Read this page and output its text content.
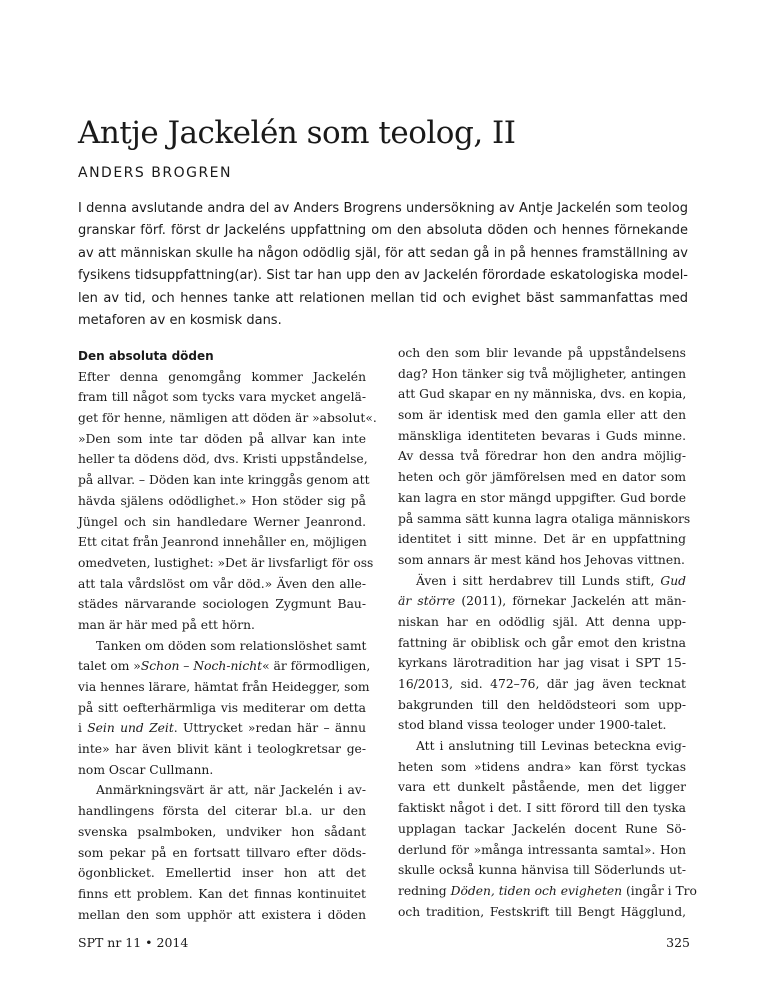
Antje Jackelén som teolog, II
ANDERS BROGREN
I denna avslutande andra del av Anders Brogrens undersökning av Antje Jackelén som teolog
granskar förf. först dr Jackeléns uppfattning om den absoluta döden och hennes förnekande
av att människan skulle ha någon odödlig själ, för att sedan gå in på hennes framställning av
fysikens tidsuppfattning(ar). Sist tar han upp den av Jackelén förordade eskatologiska model-
len av tid, och hennes tanke att relationen mellan tid och evighet bäst sammanfattas med
metaforen av en kosmisk dans.
Den absoluta döden
Efter denna genomgång kommer Jackelén
fram till något som tycks vara mycket angelä-
get för henne, nämligen att döden är »absolut«.
»Den som inte tar döden på allvar kan inte
heller ta dödens död, dvs. Kristi uppståndelse,
på allvar. – Döden kan inte kringgås genom att
hävda själens odödlighet.» Hon stöder sig på
Jüngel och sin handledare Werner Jeanrond.
Ett citat från Jeanrond innehåller en, möjligen
omedveten, lustighet: »Det är livsfarligt för oss
att tala vårdslöst om vår död.» Även den alle-
städes närvarande sociologen Zygmunt Bau-
man är här med på ett hörn.
Tanken om döden som relationslöshet samt
talet om »Schon – Noch-nicht« är förmodligen,
via hennes lärare, hämtat från Heidegger, som
på sitt oefterhärmliga vis mediterar om detta
i Sein und Zeit. Uttrycket »redan här – ännu
inte» har även blivit känt i teologkretsar ge-
nom Oscar Cullmann.
Anmärkningsvärt är att, när Jackelén i av-
handlingens första del citerar bl.a. ur den
svenska psalmboken, undviker hon sådant
som pekar på en fortsatt tillvaro efter döds-
ögonblicket. Emellertid inser hon att det
finns ett problem. Kan det finnas kontinuitet
mellan den som upphör att existera i döden
och den som blir levande på uppståndelsens
dag? Hon tänker sig två möjligheter, antingen
att Gud skapar en ny människa, dvs. en kopia,
som är identisk med den gamla eller att den
mänskliga identiteten bevaras i Guds minne.
Av dessa två föredrar hon den andra möjlig-
heten och gör jämförelsen med en dator som
kan lagra en stor mängd uppgifter. Gud borde
på samma sätt kunna lagra otaliga människors
identitet i sitt minne. Det är en uppfattning
som annars är mest känd hos Jehovas vittnen.
Även i sitt herdabrev till Lunds stift, Gud
är större (2011), förnekar Jackelén att män-
niskan har en odödlig själ. Att denna upp-
fattning är obiblisk och går emot den kristna
kyrkans lärotradition har jag visat i SPT 15-
16/2013, sid. 472–76, där jag även tecknat
bakgrunden till den heldödsteori som upp-
stod bland vissa teologer under 1900-talet.
Att i anslutning till Levinas beteckna evig-
heten som »tidens andra» kan först tyckas
vara ett dunkelt påstående, men det ligger
faktiskt något i det. I sitt förord till den tyska
upplagan tackar Jackelén docent Rune Sö-
derlund för »många intressanta samtal». Hon
skulle också kunna hänvisa till Söderlunds ut-
redning Döden, tiden och evigheten (ingår i Tro
och tradition, Festskrift till Bengt Hägglund,
SPT nr 11 • 2014	325
